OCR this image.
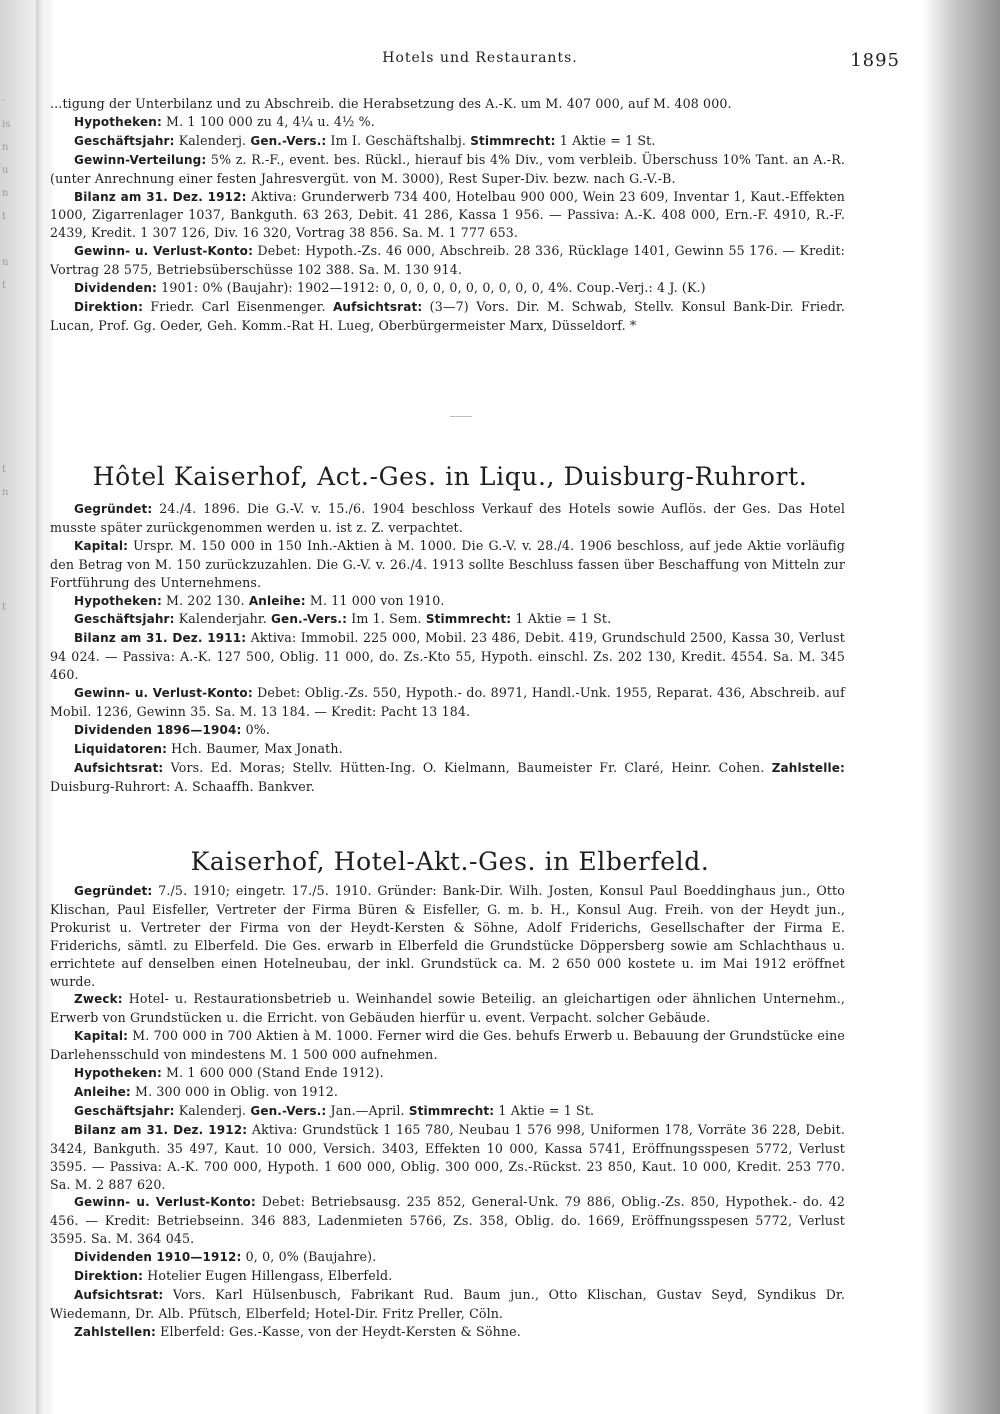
·
is
n
u
n
t

n
t

t
n

t

Hotels und Restaurants.	1895

...tigung der Unterbilanz und zu Abschreib. die Herabsetzung des A.-K. um M. 407 000, auf M. 408 000.

Hypotheken: M. 1 100 000 zu 4, 4¼ u. 4½ %.

Geschäftsjahr: Kalenderj. Gen.-Vers.: Im I. Geschäftshalbj. Stimmrecht: 1 Aktie = 1 St.

Gewinn-Verteilung: 5% z. R.-F., event. bes. Rückl., hierauf bis 4% Div., vom verbleib. Überschuss 10% Tant. an A.-R. (unter Anrechnung einer festen Jahresvergüt. von M. 3000), Rest Super-Div. bezw. nach G.-V.-B.

Bilanz am 31. Dez. 1912: Aktiva: Grunderwerb 734 400, Hotelbau 900 000, Wein 23 609, Inventar 1, Kaut.-Effekten 1000, Zigarrenlager 1037, Bankguth. 63 263, Debit. 41 286, Kassa 1 956. — Passiva: A.-K. 408 000, Ern.-F. 4910, R.-F. 2439, Kredit. 1 307 126, Div. 16 320, Vortrag 38 856. Sa. M. 1 777 653.

Gewinn- u. Verlust-Konto: Debet: Hypoth.-Zs. 46 000, Abschreib. 28 336, Rücklage 1401, Gewinn 55 176. — Kredit: Vortrag 28 575, Betriebsüberschüsse 102 388. Sa. M. 130 914.

Dividenden: 1901: 0% (Baujahr): 1902—1912: 0, 0, 0, 0, 0, 0, 0, 0, 0, 0, 4%. Coup.-Verj.: 4 J. (K.)

Direktion: Friedr. Carl Eisenmenger. Aufsichtsrat: (3—7) Vors. Dir. M. Schwab, Stellv. Konsul Bank-Dir. Friedr. Lucan, Prof. Gg. Oeder, Geh. Komm.-Rat H. Lueg, Oberbürgermeister Marx, Düsseldorf. *

Hôtel Kaiserhof, Act.-Ges. in Liqu., Duisburg-Ruhrort.

Gegründet: 24./4. 1896. Die G.-V. v. 15./6. 1904 beschloss Verkauf des Hotels sowie Auflös. der Ges. Das Hotel musste später zurückgenommen werden u. ist z. Z. verpachtet.

Kapital: Urspr. M. 150 000 in 150 Inh.-Aktien à M. 1000. Die G.-V. v. 28./4. 1906 beschloss, auf jede Aktie vorläufig den Betrag von M. 150 zurückzuzahlen. Die G.-V. v. 26./4. 1913 sollte Beschluss fassen über Beschaffung von Mitteln zur Fortführung des Unternehmens.

Hypotheken: M. 202 130. Anleihe: M. 11 000 von 1910.

Geschäftsjahr: Kalenderjahr. Gen.-Vers.: Im 1. Sem. Stimmrecht: 1 Aktie = 1 St.

Bilanz am 31. Dez. 1911: Aktiva: Immobil. 225 000, Mobil. 23 486, Debit. 419, Grundschuld 2500, Kassa 30, Verlust 94 024. — Passiva: A.-K. 127 500, Oblig. 11 000, do. Zs.-Kto 55, Hypoth. einschl. Zs. 202 130, Kredit. 4554. Sa. M. 345 460.

Gewinn- u. Verlust-Konto: Debet: Oblig.-Zs. 550, Hypoth.- do. 8971, Handl.-Unk. 1955, Reparat. 436, Abschreib. auf Mobil. 1236, Gewinn 35. Sa. M. 13 184. — Kredit: Pacht 13 184.

Dividenden 1896—1904: 0%.

Liquidatoren: Hch. Baumer, Max Jonath.

Aufsichtsrat: Vors. Ed. Moras; Stellv. Hütten-Ing. O. Kielmann, Baumeister Fr. Claré, Heinr. Cohen. Zahlstelle: Duisburg-Ruhrort: A. Schaaffh. Bankver.

Kaiserhof, Hotel-Akt.-Ges. in Elberfeld.

Gegründet: 7./5. 1910; eingetr. 17./5. 1910. Gründer: Bank-Dir. Wilh. Josten, Konsul Paul Boeddinghaus jun., Otto Klischan, Paul Eisfeller, Vertreter der Firma Büren & Eisfeller, G. m. b. H., Konsul Aug. Freih. von der Heydt jun., Prokurist u. Vertreter der Firma von der Heydt-Kersten & Söhne, Adolf Friderichs, Gesellschafter der Firma E. Friderichs, sämtl. zu Elberfeld. Die Ges. erwarb in Elberfeld die Grundstücke Döppersberg sowie am Schlachthaus u. errichtete auf denselben einen Hotelneubau, der inkl. Grundstück ca. M. 2 650 000 kostete u. im Mai 1912 eröffnet wurde.

Zweck: Hotel- u. Restaurationsbetrieb u. Weinhandel sowie Beteilig. an gleichartigen oder ähnlichen Unternehm., Erwerb von Grundstücken u. die Erricht. von Gebäuden hierfür u. event. Verpacht. solcher Gebäude.

Kapital: M. 700 000 in 700 Aktien à M. 1000. Ferner wird die Ges. behufs Erwerb u. Bebauung der Grundstücke eine Darlehensschuld von mindestens M. 1 500 000 aufnehmen.

Hypotheken: M. 1 600 000 (Stand Ende 1912).

Anleihe: M. 300 000 in Oblig. von 1912.

Geschäftsjahr: Kalenderj. Gen.-Vers.: Jan.—April. Stimmrecht: 1 Aktie = 1 St.

Bilanz am 31. Dez. 1912: Aktiva: Grundstück 1 165 780, Neubau 1 576 998, Uniformen 178, Vorräte 36 228, Debit. 3424, Bankguth. 35 497, Kaut. 10 000, Versich. 3403, Effekten 10 000, Kassa 5741, Eröffnungsspesen 5772, Verlust 3595. — Passiva: A.-K. 700 000, Hypoth. 1 600 000, Oblig. 300 000, Zs.-Rückst. 23 850, Kaut. 10 000, Kredit. 253 770. Sa. M. 2 887 620.

Gewinn- u. Verlust-Konto: Debet: Betriebsausg. 235 852, General-Unk. 79 886, Oblig.-Zs. 850, Hypothek.- do. 42 456. — Kredit: Betriebseinn. 346 883, Ladenmieten 5766, Zs. 358, Oblig. do. 1669, Eröffnungsspesen 5772, Verlust 3595. Sa. M. 364 045.

Dividenden 1910—1912: 0, 0, 0% (Baujahre).

Direktion: Hotelier Eugen Hillengass, Elberfeld.

Aufsichtsrat: Vors. Karl Hülsenbusch, Fabrikant Rud. Baum jun., Otto Klischan, Gustav Seyd, Syndikus Dr. Wiedemann, Dr. Alb. Pfütsch, Elberfeld; Hotel-Dir. Fritz Preller, Cöln.

Zahlstellen: Elberfeld: Ges.-Kasse, von der Heydt-Kersten & Söhne.
